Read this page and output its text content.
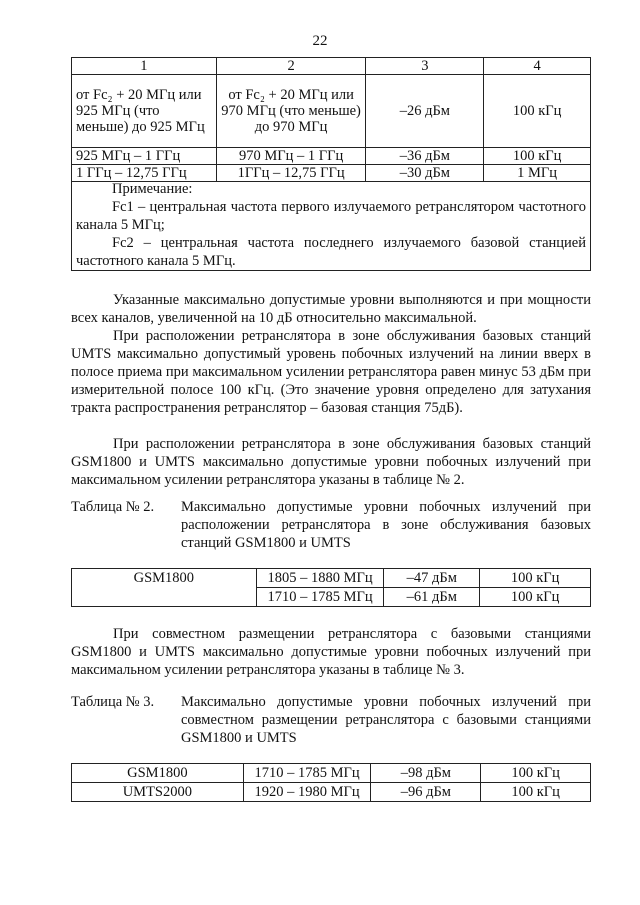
22
1	2	3	4
от Fc₂ + 20 МГц или 925 МГц (что меньше) до 925 МГц	от Fc₂ + 20 МГц или 970 МГц (что меньше) до 970 МГц	–26 дБм	100 кГц
925 МГц – 1 ГГц	970 МГц – 1 ГГц	–36 дБм	100 кГц
1 ГГц – 12,75 ГГц	1ГГц – 12,75 ГГц	–30 дБм	1 МГц

Примечание:

Fc1 – центральная частота первого излучаемого ретранслятором частотного канала 5 МГц;

Fc2 – центральная частота последнего излучаемого базовой станцией частотного канала 5 МГц.

Указанные максимально допустимые уровни выполняются и при мощности всех каналов, увеличенной на 10 дБ относительно максимальной.

При расположении ретранслятора в зоне обслуживания базовых станций UMTS максимально допустимый уровень побочных излучений на линии вверх в полосе приема при максимальном усилении ретранслятора равен минус 53 дБм при измерительной полосе 100 кГц. (Это значение уровня определено для затухания тракта распространения ретранслятор – базовая станция 75дБ).

При расположении ретранслятора в зоне обслуживания базовых станций GSM1800 и UMTS максимально допустимые уровни побочных излучений при максимальном усилении ретранслятора указаны в таблице № 2.

Таблица № 2. Максимально допустимые уровни побочных излучений при расположении ретранслятора в зоне обслуживания базовых станций GSM1800 и UMTS
GSM1800	1805 – 1880 МГц	–47 дБм	100 кГц
	1710 – 1785 МГц	–61 дБм	100 кГц

При совместном размещении ретранслятора с базовыми станциями GSM1800 и UMTS максимально допустимые уровни побочных излучений при максимальном усилении ретранслятора указаны в таблице № 3.

Таблица № 3. Максимально допустимые уровни побочных излучений при совместном размещении ретранслятора с базовыми станциями GSM1800 и UMTS
GSM1800	1710 – 1785 МГц	–98 дБм	100 кГц
UMTS2000	1920 – 1980 МГц	–96 дБм	100 кГц
